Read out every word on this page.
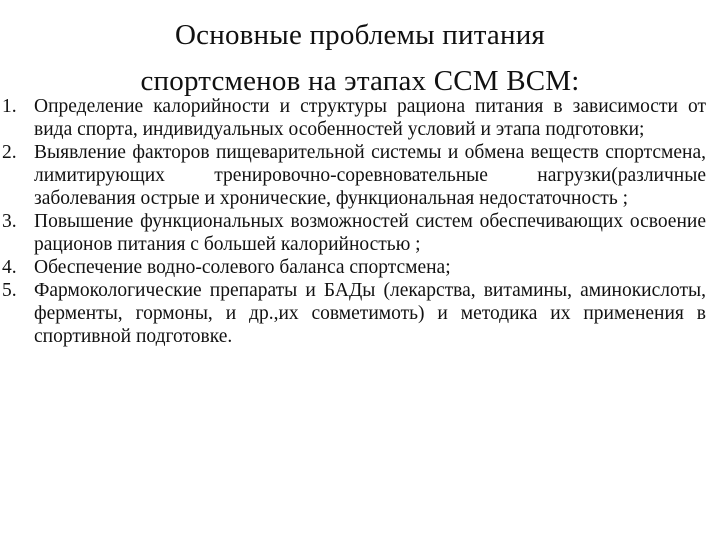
Основные проблемы питания
спортсменов на этапах ССМ ВСМ:
1. Определение калорийности и структуры рациона питания в зависимости от вида спорта, индивидуальных особенностей условий и этапа подготовки;
2. Выявление факторов пищеварительной системы и обмена веществ спортсмена, лимитирующих тренировочно-соревновательные нагрузки(различные заболевания острые и хронические, функциональная недостаточность ;
3. Повышение функциональных возможностей систем обеспечивающих освоение рационов питания с большей калорийностью ;
4. Обеспечение водно-солевого баланса спортсмена;
5. Фармокологические препараты и БАДы (лекарства, витамины, аминокислоты, ферменты, гормоны, и др.,их совметимоть) и методика их применения в спортивной подготовке.
